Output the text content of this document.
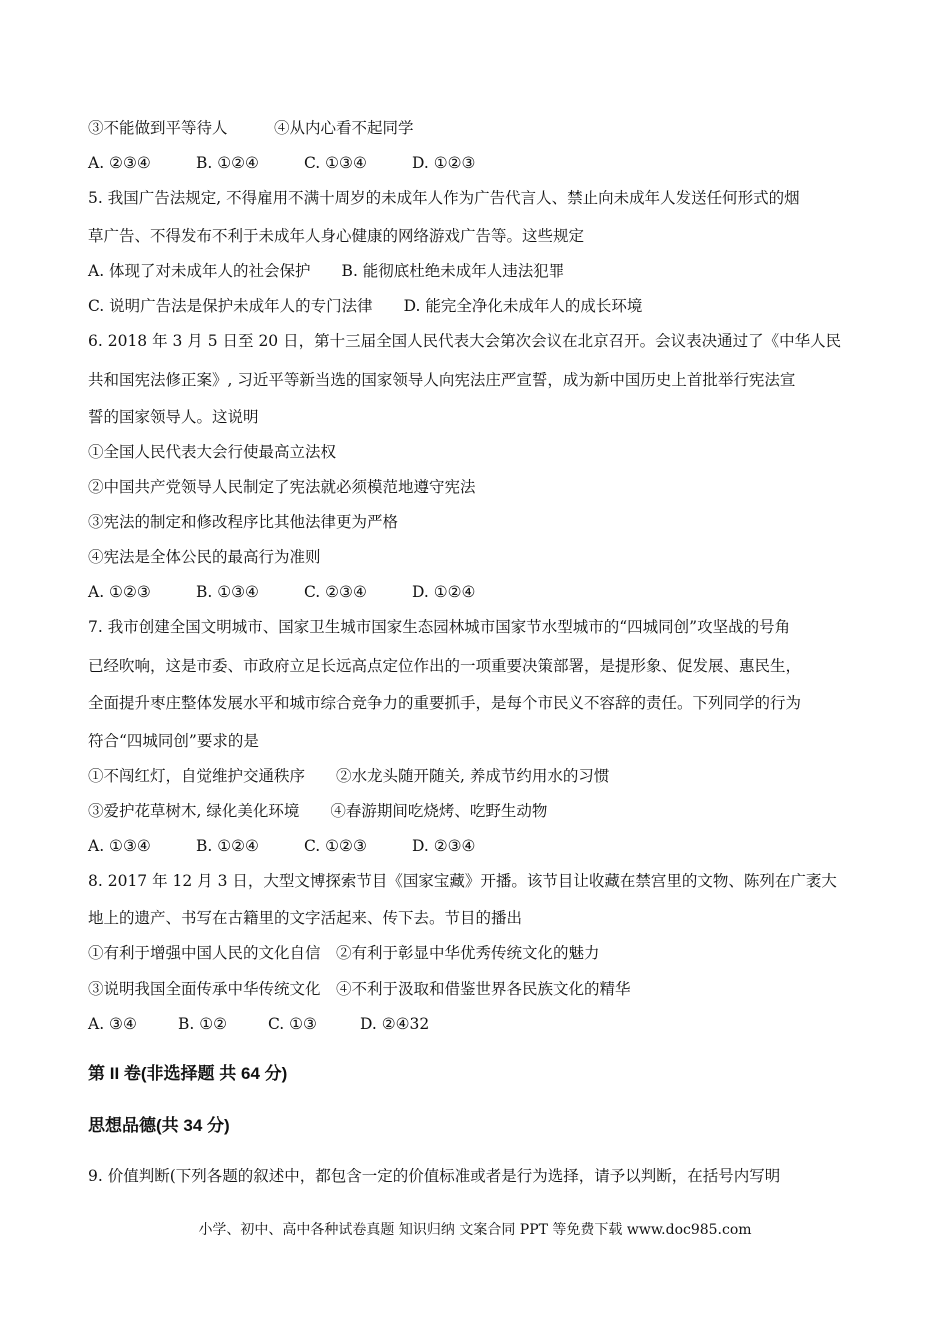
③不能做到平等待人　　　④从内心看不起同学
A. ②③④	B. ①②④	C. ①③④	D. ①②③
5. 我国广告法规定, 不得雇用不满十周岁的未成年人作为广告代言人、禁止向未成年人发送任何形式的烟
草广告、不得发布不利于未成年人身心健康的网络游戏广告等。这些规定
A. 体现了对未成年人的社会保护　　B. 能彻底杜绝未成年人违法犯罪
C. 说明广告法是保护未成年人的专门法律　　D. 能完全净化未成年人的成长环境
6. 2018 年 3 月 5 日至 20 日，第十三届全国人民代表大会第次会议在北京召开。会议表决通过了《中华人民
共和国宪法修正案》, 习近平等新当选的国家领导人向宪法庄严宣誓，成为新中国历史上首批举行宪法宣
誓的国家领导人。这说明
①全国人民代表大会行使最高立法权
②中国共产党领导人民制定了宪法就必须模范地遵守宪法
③宪法的制定和修改程序比其他法律更为严格
④宪法是全体公民的最高行为准则
A. ①②③	B. ①③④	C. ②③④	D. ①②④
7. 我市创建全国文明城市、国家卫生城市国家生态园林城市国家节水型城市的“四城同创”攻坚战的号角
已经吹响，这是市委、市政府立足长远高点定位作出的一项重要决策部署，是提形象、促发展、惠民生，
全面提升枣庄整体发展水平和城市综合竞争力的重要抓手，是每个市民义不容辞的责任。下列同学的行为
符合“四城同创”要求的是
①不闯红灯，自觉维护交通秩序　　②水龙头随开随关, 养成节约用水的习惯
③爱护花草树木, 绿化美化环境　　④春游期间吃烧烤、吃野生动物
A. ①③④	B. ①②④	C. ①②③	D. ②③④
8. 2017 年 12 月 3 日，大型文博探索节目《国家宝藏》开播。该节目让收藏在禁宫里的文物、陈列在广袤大
地上的遗产、书写在古籍里的文字活起来、传下去。节目的播出
①有利于增强中国人民的文化自信　②有利于彰显中华优秀传统文化的魅力
③说明我国全面传承中华传统文化　④不利于汲取和借鉴世界各民族文化的精华
A. ③④	B. ①②	C. ①③	D. ②④32
第 II 卷(非选择题 共 64 分)
思想品德(共 34 分)
9. 价值判断(下列各题的叙述中，都包含一定的价值标准或者是行为选择，请予以判断，在括号内写明
小学、初中、高中各种试卷真题 知识归纳 文案合同 PPT 等免费下载 www.doc985.com
